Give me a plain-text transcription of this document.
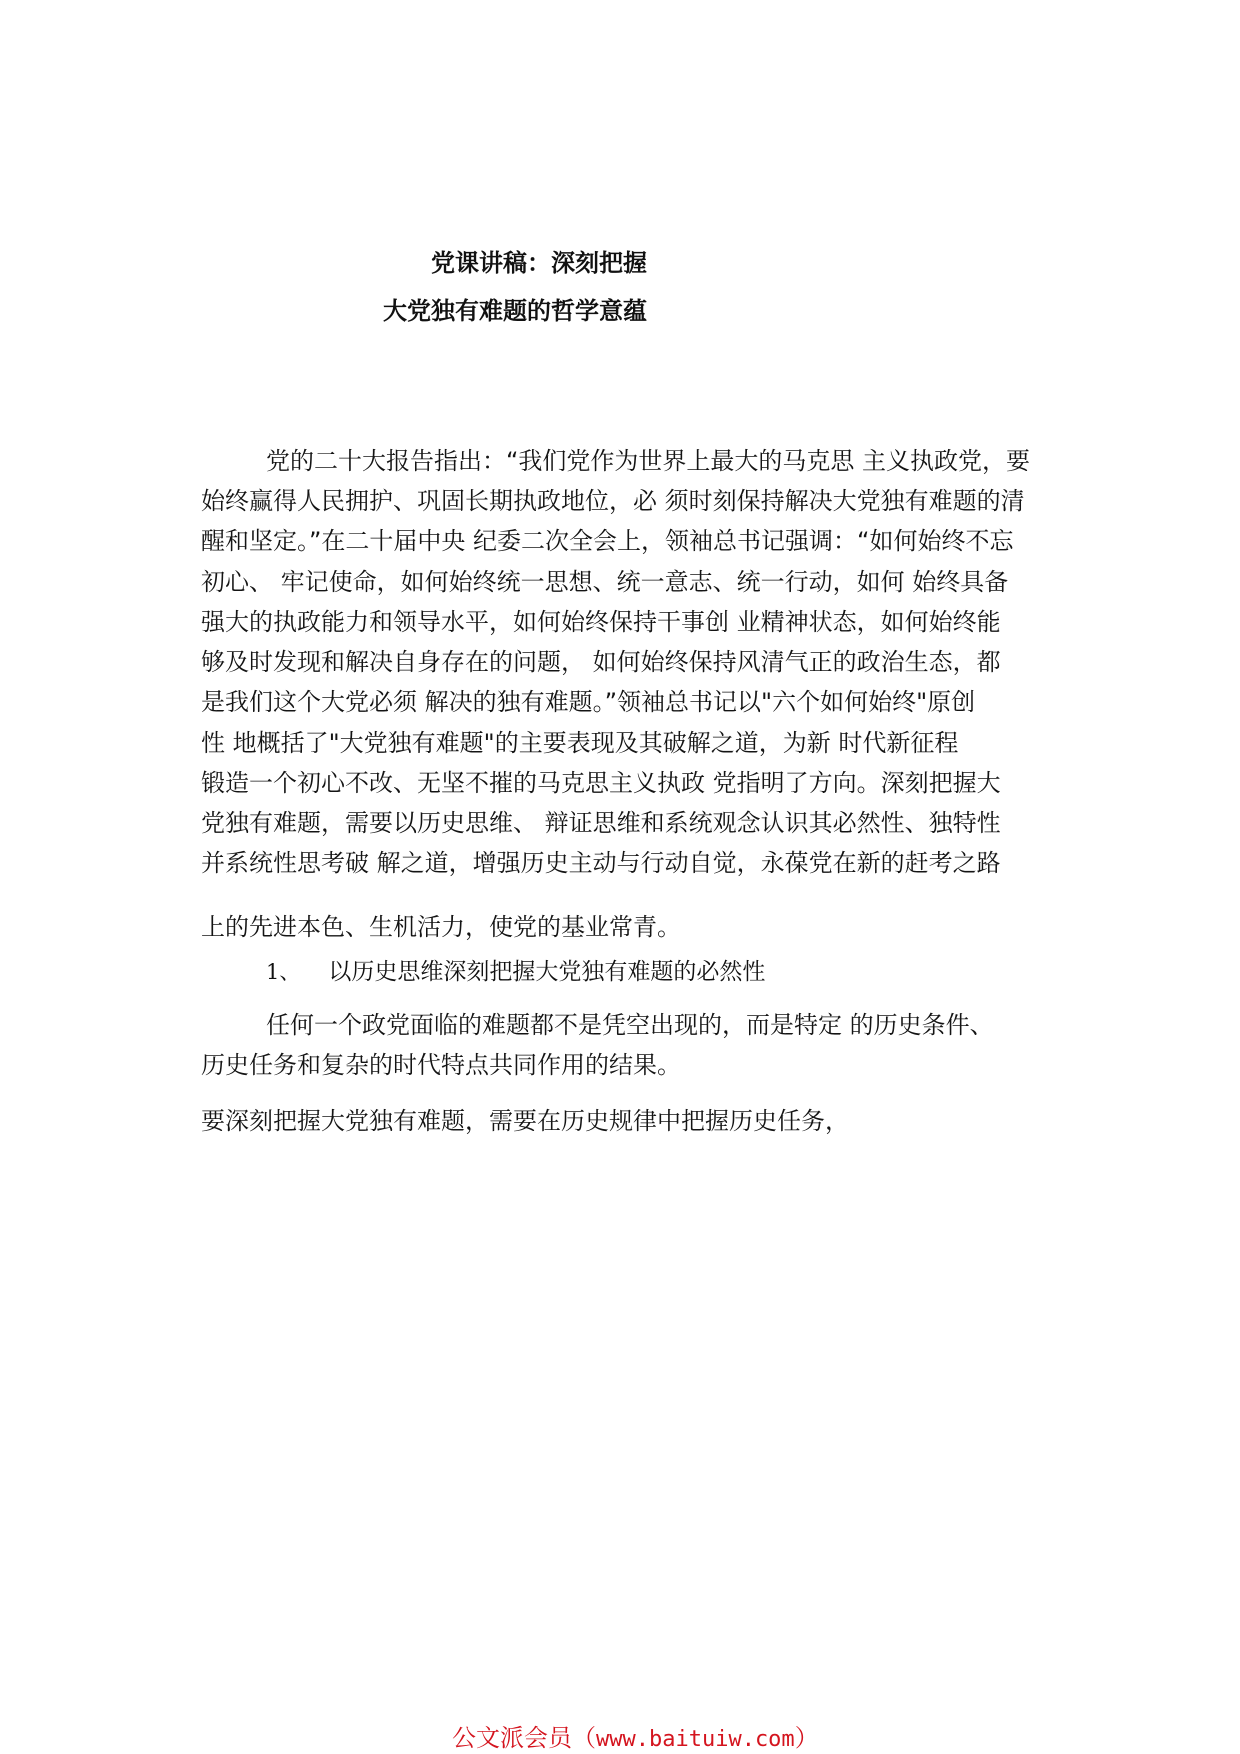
党课讲稿：深刻把握
大党独有难题的哲学意蕴
党的二十大报告指出：“我们党作为世界上最大的马克思 主义执政党，要
始终赢得人民拥护、巩固长期执政地位，必 须时刻保持解决大党独有难题的清
醒和坚定。”在二十届中央 纪委二次全会上，领袖总书记强调：“如何始终不忘
初心、 牢记使命，如何始终统一思想、统一意志、统一行动，如何 始终具备
强大的执政能力和领导水平，如何始终保持干事创 业精神状态，如何始终能
够及时发现和解决自身存在的问题， 如何始终保持风清气正的政治生态，都
是我们这个大党必须 解决的独有难题。”领袖总书记以"六个如何始终"原创
性 地概括了"大党独有难题"的主要表现及其破解之道，为新 时代新征程
锻造一个初心不改、无坚不摧的马克思主义执政 党指明了方向。深刻把握大
党独有难题，需要以历史思维、 辩证思维和系统观念认识其必然性、独特性
并系统性思考破 解之道，增强历史主动与行动自觉，永葆党在新的赶考之路
上的先进本色、生机活力，使党的基业常青。
1、 以历史思维深刻把握大党独有难题的必然性
任何一个政党面临的难题都不是凭空出现的，而是特定 的历史条件、
历史任务和复杂的时代特点共同作用的结果。
要深刻把握大党独有难题，需要在历史规律中把握历史任务，
公文派会员（www.baituiw.com）
